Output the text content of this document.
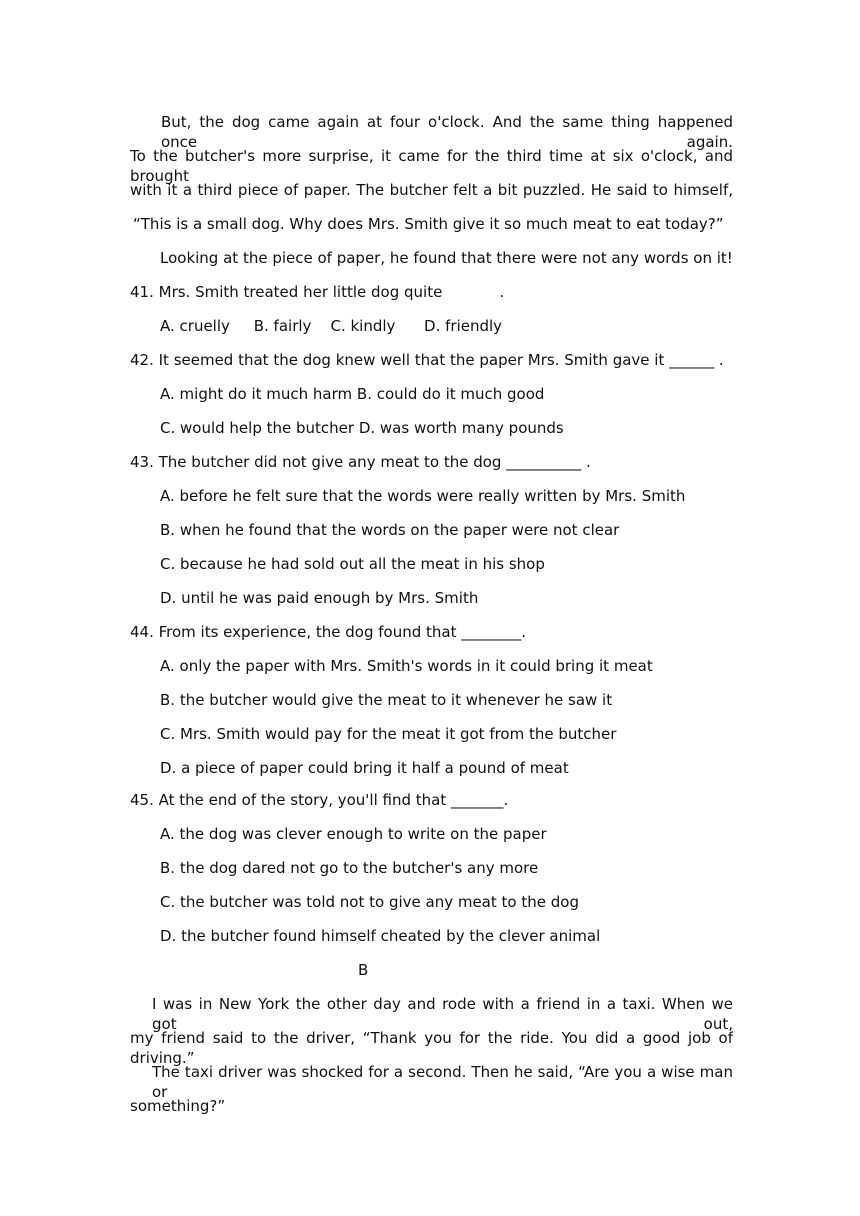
But, the dog came again at four o'clock. And the same thing happened once again.
To the butcher's more surprise, it came for the third time at six o'clock, and brought
with it a third piece of paper. The butcher felt a bit puzzled. He said to himself,
“This is a small dog. Why does Mrs. Smith give it so much meat to eat today?”
Looking at the piece of paper, he found that there were not any words on it!
41. Mrs. Smith treated her little dog quite            .
A. cruelly     B. fairly    C. kindly      D. friendly
42. It seemed that the dog knew well that the paper Mrs. Smith gave it ______ .
A. might do it much harm B. could do it much good
C. would help the butcher D. was worth many pounds
43. The butcher did not give any meat to the dog __________ .
A. before he felt sure that the words were really written by Mrs. Smith
B. when he found that the words on the paper were not clear
C. because he had sold out all the meat in his shop
D. until he was paid enough by Mrs. Smith
44. From its experience, the dog found that ________.
A. only the paper with Mrs. Smith's words in it could bring it meat
B. the butcher would give the meat to it whenever he saw it
C. Mrs. Smith would pay for the meat it got from the butcher
D. a piece of paper could bring it half a pound of meat
45. At the end of the story, you'll find that _______.
A. the dog was clever enough to write on the paper
B. the dog dared not go to the butcher's any more
C. the butcher was told not to give any meat to the dog
D. the butcher found himself cheated by the clever animal
B
I was in New York the other day and rode with a friend in a taxi. When we got out,
my friend said to the driver, “Thank you for the ride. You did a good job of driving.”
The taxi driver was shocked for a second. Then he said, “Are you a wise man or
something?”
